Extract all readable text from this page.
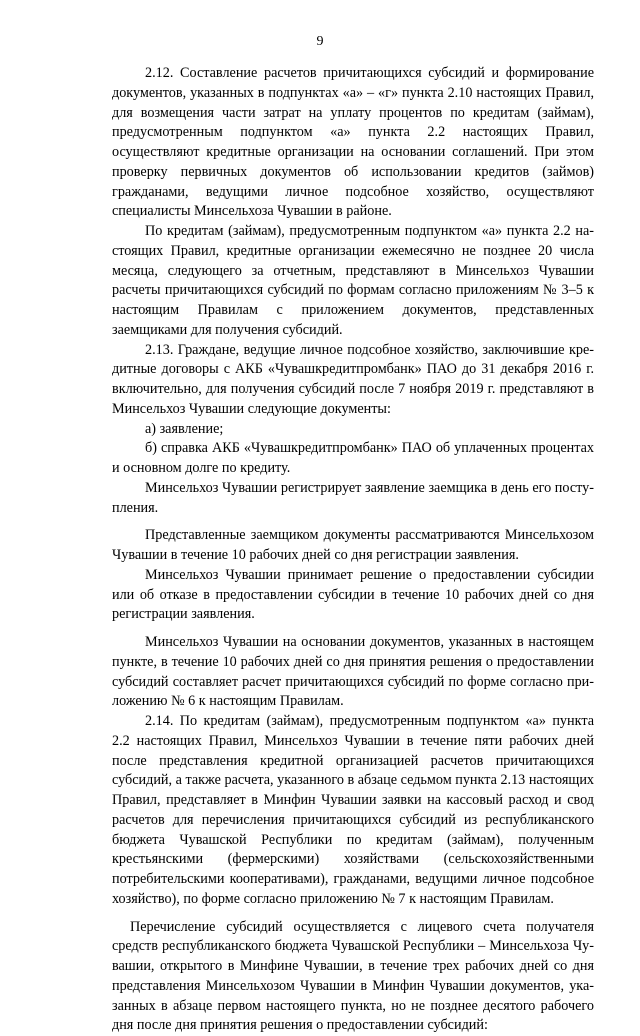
9

2.12. Составление расчетов причитающихся субсидий и формирование документов, указанных в подпунктах «а» – «г» пункта 2.10 настоящих Правил, для возмещения части затрат на уплату процентов по кредитам (займам), предусмотренным подпунктом «а» пункта 2.2 настоящих Правил, осуществляют кредитные организации на основании соглашений. При этом проверку первичных документов об использовании кредитов (займов) гражданами, ведущими личное подсобное хозяйство, осуществляют специалисты Минсельхоза Чувашии в районе.

По кредитам (займам), предусмотренным подпунктом «а» пункта 2.2 настоящих Правил, кредитные организации ежемесячно не позднее 20 числа месяца, следующего за отчетным, представляют в Минсельхоз Чувашии расчеты причитающихся субсидий по формам согласно приложениям № 3–5 к настоящим Правилам с приложением документов, представленных заемщиками для получения субсидий.

2.13. Граждане, ведущие личное подсобное хозяйство, заключившие кредитные договоры с АКБ «Чувашкредитпромбанк» ПАО до 31 декабря 2016 г. включительно, для получения субсидий после 7 ноября 2019 г. представляют в Минсельхоз Чувашии следующие документы:

а) заявление;

б) справка АКБ «Чувашкредитпромбанк» ПАО об уплаченных процентах и основном долге по кредиту.

Минсельхоз Чувашии регистрирует заявление заемщика в день его поступления.

Представленные заемщиком документы рассматриваются Минсельхозом Чувашии в течение 10 рабочих дней со дня регистрации заявления.

Минсельхоз Чувашии принимает решение о предоставлении субсидии или об отказе в предоставлении субсидии в течение 10 рабочих дней со дня регистрации заявления.

Минсельхоз Чувашии на основании документов, указанных в настоящем пункте, в течение 10 рабочих дней со дня принятия решения о предоставлении субсидий составляет расчет причитающихся субсидий по форме согласно приложению № 6 к настоящим Правилам.

2.14. По кредитам (займам), предусмотренным подпунктом «а» пункта 2.2 настоящих Правил, Минсельхоз Чувашии в течение пяти рабочих дней после представления кредитной организацией расчетов причитающихся субсидий, а также расчета, указанного в абзаце седьмом пункта 2.13 настоящих Правил, представляет в Минфин Чувашии заявки на кассовый расход и свод расчетов для перечисления причитающихся субсидий из республиканского бюджета Чувашской Республики по кредитам (займам), полученным крестьянскими (фермерскими) хозяйствами (сельскохозяйственными потребительскими кооперативами), гражданами, ведущими личное подсобное хозяйство), по форме согласно приложению № 7 к настоящим Правилам.

Перечисление субсидий осуществляется с лицевого счета получателя средств республиканского бюджета Чувашской Республики – Минсельхоза Чувашии, открытого в Минфине Чувашии, в течение трех рабочих дней со дня представления Минсельхозом Чувашии в Минфин Чувашии документов, указанных в абзаце первом настоящего пункта, но не позднее десятого рабочего дня после дня принятия решения о предоставлении субсидий:
